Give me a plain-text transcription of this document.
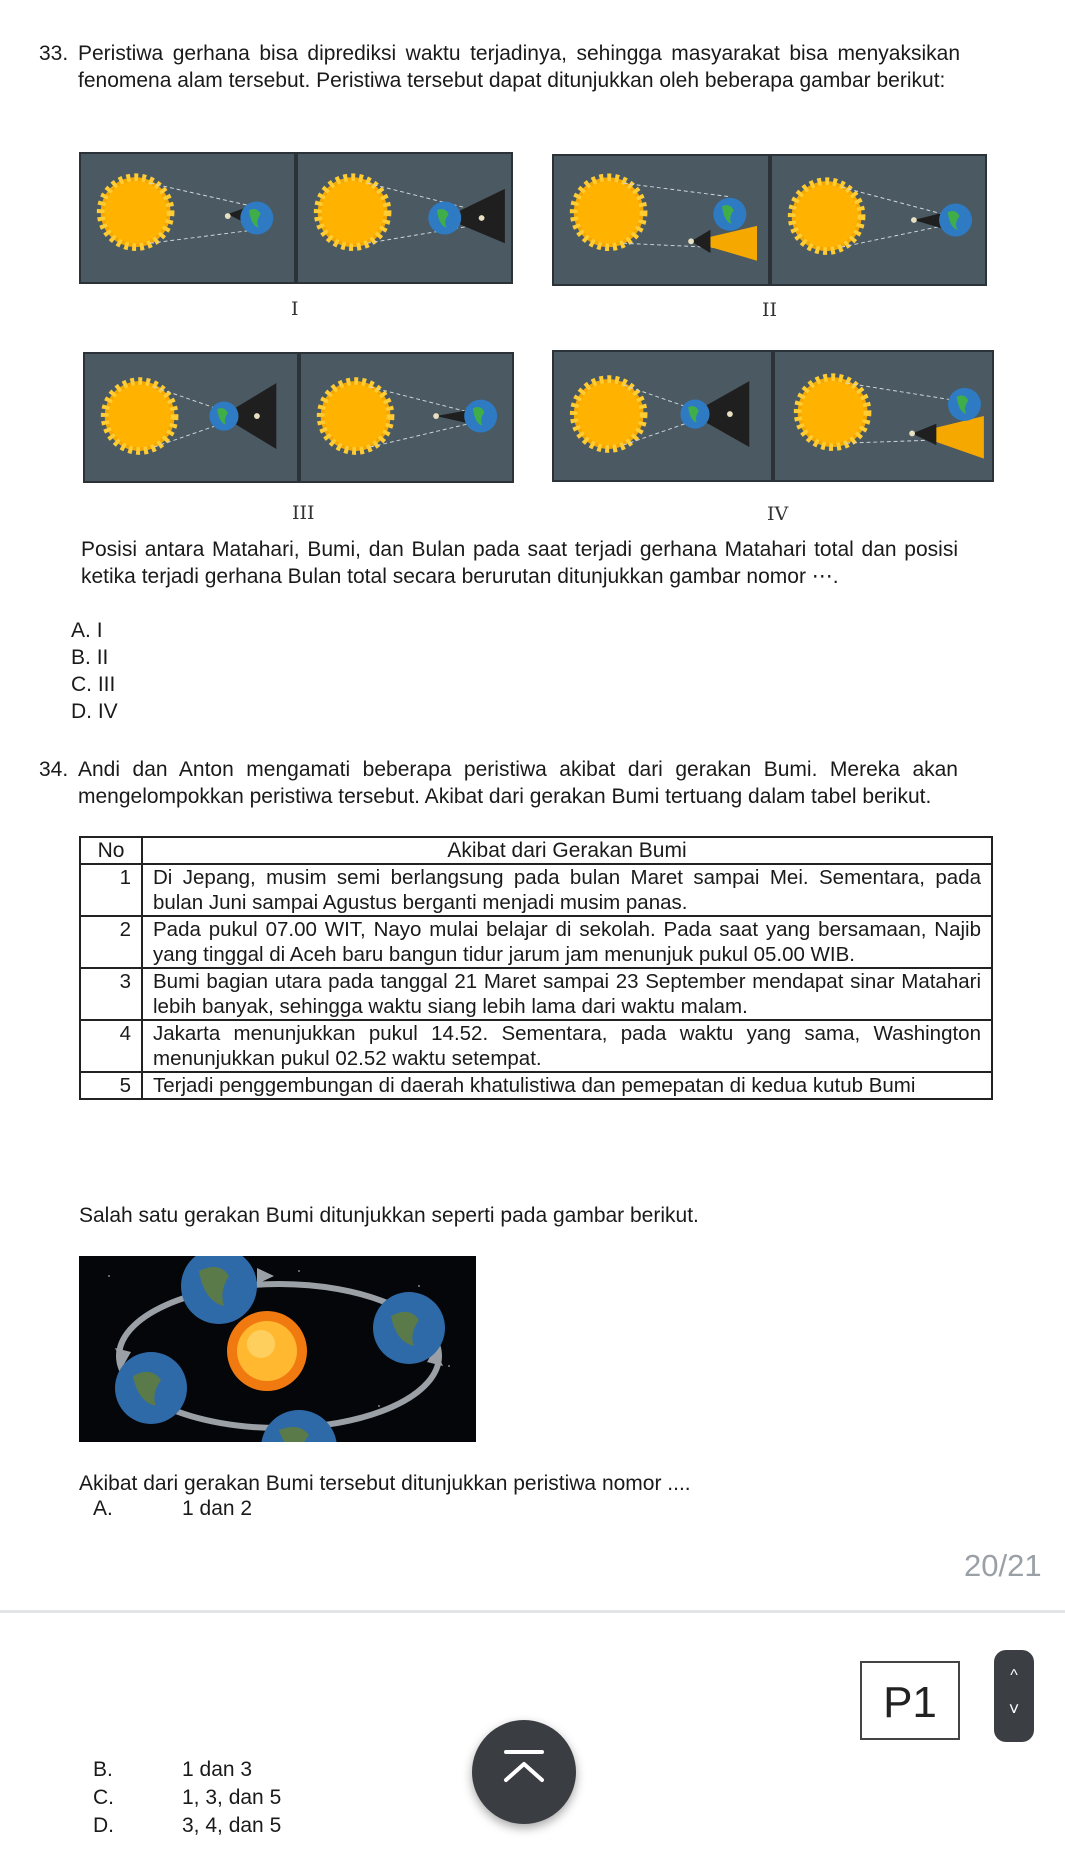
33. Peristiwa gerhana bisa diprediksi waktu terjadinya, sehingga masyarakat bisa menyaksikan fenomena alam tersebut. Peristiwa tersebut dapat ditunjukkan oleh beberapa gambar berikut:
I	II
III	IV
Posisi antara Matahari, Bumi, dan Bulan pada saat terjadi gerhana Matahari total dan posisi ketika terjadi gerhana Bulan total secara berurutan ditunjukkan gambar nomor ⋯.
A. I
B. II
C. III
D. IV
34. Andi dan Anton mengamati beberapa peristiwa akibat dari gerakan Bumi. Mereka akan mengelompokkan peristiwa tersebut. Akibat dari gerakan Bumi tertuang dalam tabel berikut.
No	Akibat dari Gerakan Bumi
1	Di Jepang, musim semi berlangsung pada bulan Maret sampai Mei. Sementara, pada bulan Juni sampai Agustus berganti menjadi musim panas.
2	Pada pukul 07.00 WIT, Nayo mulai belajar di sekolah. Pada saat yang bersamaan, Najib yang tinggal di Aceh baru bangun tidur jarum jam menunjuk pukul 05.00 WIB.
3	Bumi bagian utara pada tanggal 21 Maret sampai 23 September mendapat sinar Matahari lebih banyak, sehingga waktu siang lebih lama dari waktu malam.
4	Jakarta menunjukkan pukul 14.52. Sementara, pada waktu yang sama, Washington menunjukkan pukul 02.52 waktu setempat.
5	Terjadi penggembungan di daerah khatulistiwa dan pemepatan di kedua kutub Bumi
Salah satu gerakan Bumi ditunjukkan seperti pada gambar berikut.
Akibat dari gerakan Bumi tersebut ditunjukkan peristiwa nomor ....
A.	1 dan 2
20/21
P1
^
˅
B.	1 dan 3
C.	1, 3, dan 5
D.	3, 4, dan 5
